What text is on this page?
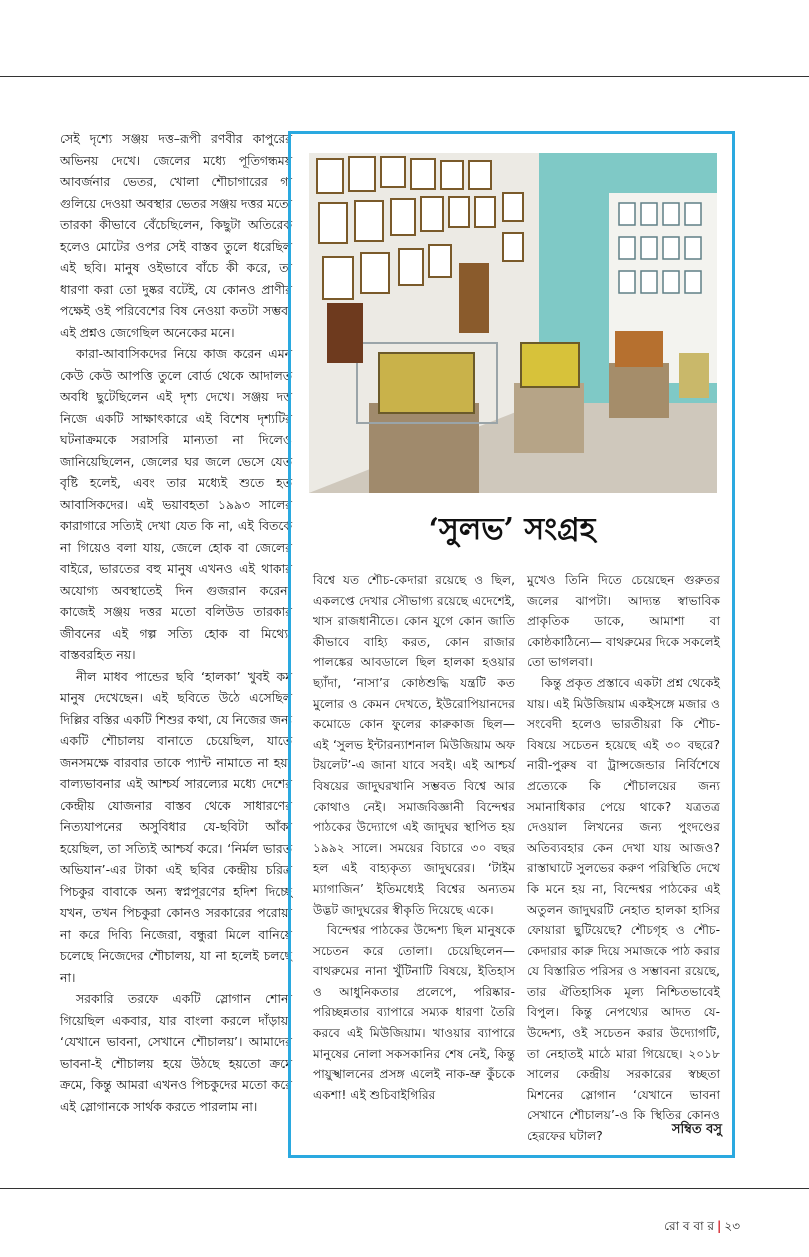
সেই দৃশ্যে সঞ্জয় দত্ত–রূপী রণবীর কাপুরের অভিনয় দেখে। জেলের মধ্যে পূতিগন্ধময় আবর্জনার ভেতর, খোলা শৌচাগারের গা গুলিয়ে দেওয়া অবস্থার ভেতর সঞ্জয় দত্তর মতো তারকা কীভাবে বেঁচেছিলেন, কিছুটা অতিরেক হলেও মোটের ওপর সেই বাস্তব তুলে ধরেছিল এই ছবি। মানুষ ওইভাবে বাঁচে কী করে, তা ধারণা করা তো দুষ্কর বটেই, যে কোনও প্রাণীর পক্ষেই ওই পরিবেশের বিষ নেওয়া কতটা সম্ভব, এই প্রশ্নও জেগেছিল অনেকের মনে।

কারা-আবাসিকদের নিয়ে কাজ করেন এমন কেউ কেউ আপত্তি তুলে বোর্ড থেকে আদালত অবধি ছুটেছিলেন এই দৃশ্য দেখে। সঞ্জয় দত্ত নিজে একটি সাক্ষাৎকারে এই বিশেষ দৃশ্যটির ঘটনাক্রমকে সরাসরি মান্যতা না দিলেও জানিয়েছিলেন, জেলের ঘর জলে ভেসে যেত বৃষ্টি হলেই, এবং তার মধ্যেই শুতে হত আবাসিকদের। এই ভয়াবহতা ১৯৯৩ সালের কারাগারে সত্যিই দেখা যেত কি না, এই বিতর্কে না গিয়েও বলা যায়, জেলে হোক বা জেলের বাইরে, ভারতের বহু মানুষ এখনও এই থাকার অযোগ্য অবস্থাতেই দিন গুজরান করেন। কাজেই সঞ্জয় দত্তর মতো বলিউড তারকার জীবনের এই গল্প সত্যি হোক বা মিথ্যে, বাস্তবরহিত নয়।

নীল মাধব পান্ডের ছবি ‘হালকা’ খুবই কম মানুষ দেখেছেন। এই ছবিতে উঠে এসেছিল দিল্লির বস্তির একটি শিশুর কথা, যে নিজের জন্য একটি শৌচালয় বানাতে চেয়েছিল, যাতে জনসমক্ষে বারবার তাকে প্যান্ট নামাতে না হয়। বাল্যভাবনার এই আশ্চর্য সারল্যের মধ্যে দেশের কেন্দ্রীয় যোজনার বাস্তব থেকে সাধারণের নিত্যযাপনের অসুবিধার যে-ছবিটা আঁকা হয়েছিল, তা সত্যিই আশ্চর্য করে। ‘নির্মল ভারত অভিযান’-এর টাকা এই ছবির কেন্দ্রীয় চরিত্র পিচকুর বাবাকে অন্য স্বপ্নপূরণের হদিশ দিচ্ছে যখন, তখন পিচকুরা কোনও সরকারের পরোয়া না করে দিব্যি নিজেরা, বন্ধুরা মিলে বানিয়ে চলেছে নিজেদের শৌচালয়, যা না হলেই চলছে না।

সরকারি তরফে একটি স্লোগান শোনা গিয়েছিল একবার, যার বাংলা করলে দাঁড়ায়, ‘যেখানে ভাবনা, সেখানে শৌচালয়’। আমাদের ভাবনা-ই শৌচালয় হয়ে উঠছে হয়তো ক্রমে ক্রমে, কিন্তু আমরা এখনও পিচকুদের মতো করে এই স্লোগানকে সার্থক করতে পারলাম না।

‘সুলভ’ সংগ্রহ

বিশ্বে যত শৌচ-কেদারা রয়েছে ও ছিল, একলপ্তে দেখার সৌভাগ্য রয়েছে এদেশেই, খাস রাজধানীতে। কোন যুগে কোন জাতি কীভাবে বাহ্যি করত, কোন রাজার পালঙ্কের আবডালে ছিল হালকা হওয়ার ছ্যাঁদা, ‘নাসা’র কোষ্ঠশুদ্ধি যন্ত্রটি কত মুলোর ও কেমন দেখতে, ইউরোপিয়ানদের কমোডে কোন ফুলের কারুকাজ ছিল— এই ‘সুলভ ইন্টারন্যাশনাল মিউজিয়াম অফ টয়লেট’-এ জানা যাবে সবই। এই আশ্চর্য বিষয়ের জাদুঘরখানি সম্ভবত বিশ্বে আর কোথাও নেই। সমাজবিজ্ঞানী বিন্দেশ্বর পাঠকের উদ্যোগে এই জাদুঘর স্থাপিত হয় ১৯৯২ সালে। সময়ের বিচারে ৩০ বছর হল এই বাহ্যকৃত্য জাদুঘরের। ‘টাইম ম্যাগাজিন’ ইতিমধ্যেই বিশ্বের অন্যতম উদ্ভট জাদুঘরের স্বীকৃতি দিয়েছে একে।

বিন্দেশ্বর পাঠকের উদ্দেশ্য ছিল মানুষকে সচেতন করে তোলা। চেয়েছিলেন— বাথরুমের নানা খুঁটিনাটি বিষয়ে, ইতিহাস ও আধুনিকতার প্রলেপে, পরিষ্কার-পরিচ্ছন্নতার ব্যাপারে সম্যক ধারণা তৈরি করবে এই মিউজিয়াম। খাওয়ার ব্যাপারে মানুষের নোলা সকসকানির শেষ নেই, কিন্তু পায়ুস্খালনের প্রসঙ্গ এলেই নাক-ভ্রু কুঁচকে একশা! এই শুচিবাইগিরির

মুখেও তিনি দিতে চেয়েছেন গুরুতর জলের ঝাপটা। আদ্যন্ত স্বাভাবিক প্রাকৃতিক ডাকে, আমাশা বা কোষ্ঠকাঠিন্যে— বাথরুমের দিকে সকলেই তো ভাগলবা।

কিন্তু প্রকৃত প্রস্তাবে একটা প্রশ্ন থেকেই যায়। এই মিউজিয়াম একইসঙ্গে মজার ও সংবেদী হলেও ভারতীয়রা কি শৌচ-বিষয়ে সচেতন হয়েছে এই ৩০ বছরে? নারী-পুরুষ বা ট্রান্সজেন্ডার নির্বিশেষে প্রত্যেকে কি শৌচালয়ের জন্য সমানাধিকার পেয়ে থাকে? যত্রতত্র দেওয়াল লিখনের জন্য পুংদণ্ডের অতিব্যবহার কেন দেখা যায় আজও? রাস্তাঘাটে সুলভের করুণ পরিস্থিতি দেখে কি মনে হয় না, বিন্দেশ্বর পাঠকের এই অতুলন জাদুঘরটি নেহাত হালকা হাসির ফোয়ারা ছুটিয়েছে? শৌচগৃহ ও শৌচ-কেদারার কারু দিয়ে সমাজকে পাঠ করার যে বিস্তারিত পরিসর ও সম্ভাবনা রয়েছে, তার ঐতিহাসিক মূল্য নিশ্চিতভাবেই বিপুল। কিন্তু নেপথ্যের আদত যে-উদ্দেশ্য, ওই সচেতন করার উদ্যোগটি, তা নেহাতই মাঠে মারা গিয়েছে। ২০১৮ সালের কেন্দ্রীয় সরকারের স্বচ্ছতা মিশনের স্লোগান ‘যেখানে ভাবনা সেখানে শৌচালয়’-ও কি স্থিতির কোনও হেরফের ঘটাল?	সম্বিত বসু
রো ব বা র | ২৩
